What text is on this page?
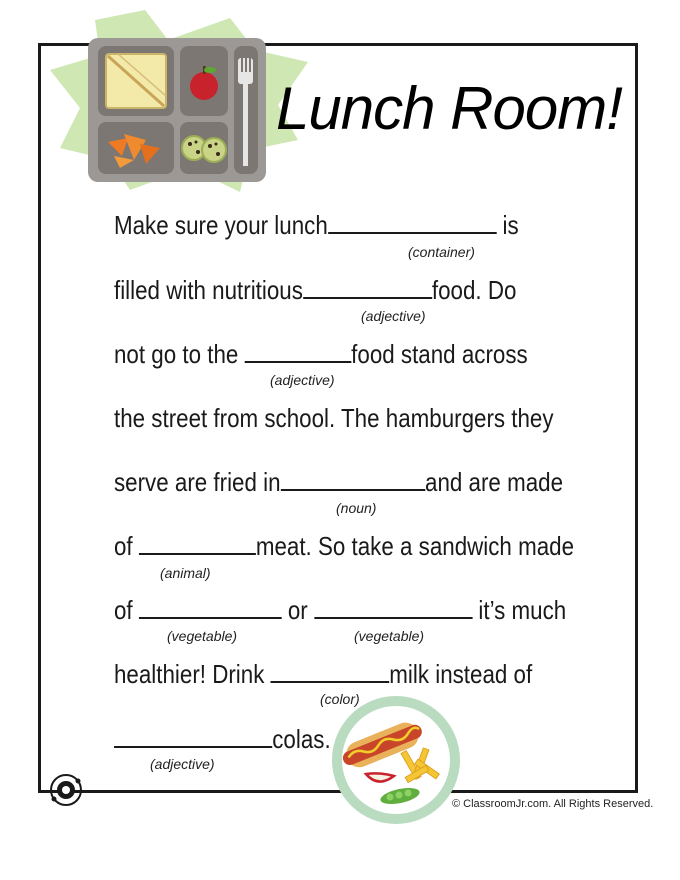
Lunch Room!
Make sure your lunch	is
(container)
filled with nutritious	food. Do
(adjective)
not go to the	food stand across
(adjective)
the street from school. The hamburgers they
serve are fried in	and are made
(noun)
of	meat. So take a sandwich made
(animal)
of	or	it’s much
(vegetable)	(vegetable)
healthier! Drink	milk instead of
(color)
colas.
(adjective)
© ClassroomJr.com. All Rights Reserved.
